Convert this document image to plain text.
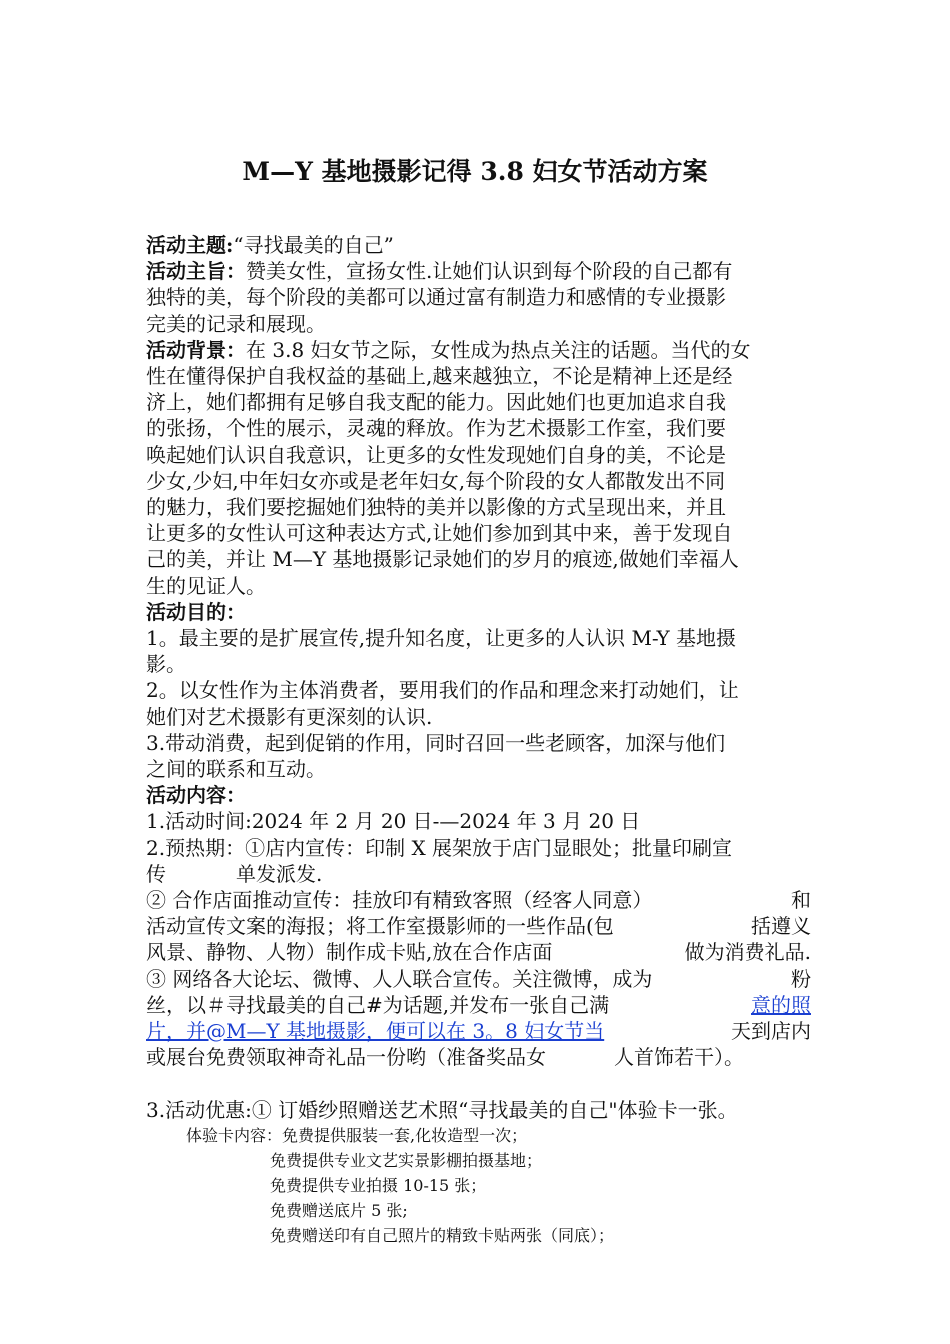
M—Y 基地摄影记得 3.8 妇女节活动方案

活动主题:“寻找最美的自己”

活动主旨：赞美女性，宣扬女性.让她们认识到每个阶段的自己都有

独特的美，每个阶段的美都可以通过富有制造力和感情的专业摄影

完美的记录和展现。

活动背景：在 3.8 妇女节之际，女性成为热点关注的话题。当代的女

性在懂得保护自我权益的基础上,越来越独立，不论是精神上还是经

济上，她们都拥有足够自我支配的能力。因此她们也更加追求自我

的张扬，个性的展示，灵魂的释放。作为艺术摄影工作室，我们要

唤起她们认识自我意识，让更多的女性发现她们自身的美，不论是

少女,少妇,中年妇女亦或是老年妇女,每个阶段的女人都散发出不同

的魅力，我们要挖掘她们独特的美并以影像的方式呈现出来，并且

让更多的女性认可这种表达方式,让她们参加到其中来，善于发现自

己的美，并让 M—Y 基地摄影记录她们的岁月的痕迹,做她们幸福人

生的见证人。

活动目的：

1。最主要的是扩展宣传,提升知名度，让更多的人认识 M-Y 基地摄

影。

2。以女性作为主体消费者，要用我们的作品和理念来打动她们，让

她们对艺术摄影有更深刻的认识.

3.带动消费，起到促销的作用，同时召回一些老顾客，加深与他们

之间的联系和互动。

活动内容：

1.活动时间:2024 年 2 月 20 日-—2024 年 3 月 20 日

2.预热期：①店内宣传：印制 X 展架放于店门显眼处；批量印刷宣

传	单发派发.

② 合作店面推动宣传：挂放印有精致客照（经客人同意）	和

活动宣传文案的海报；将工作室摄影师的一些作品(包	括遵义

风景、静物、人物）制作成卡贴,放在合作店面	做为消费礼品.

③ 网络各大论坛、微博、人人联合宣传。关注微博，成为	粉

丝，以＃寻找最美的自己#为话题,并发布一张自己满	意的照

片，并@M—Y 基地摄影，便可以在 3。8 妇女节当	天到店内

或展台免费领取神奇礼品一份哟（准备奖品女	人首饰若干）。

3.活动优惠:① 订婚纱照赠送艺术照“寻找最美的自己"体验卡一张。

体验卡内容：免费提供服装一套,化妆造型一次；

免费提供专业文艺实景影棚拍摄基地；

免费提供专业拍摄 10-15 张；

免费赠送底片 5 张;

免费赠送印有自己照片的精致卡贴两张（同底）；
